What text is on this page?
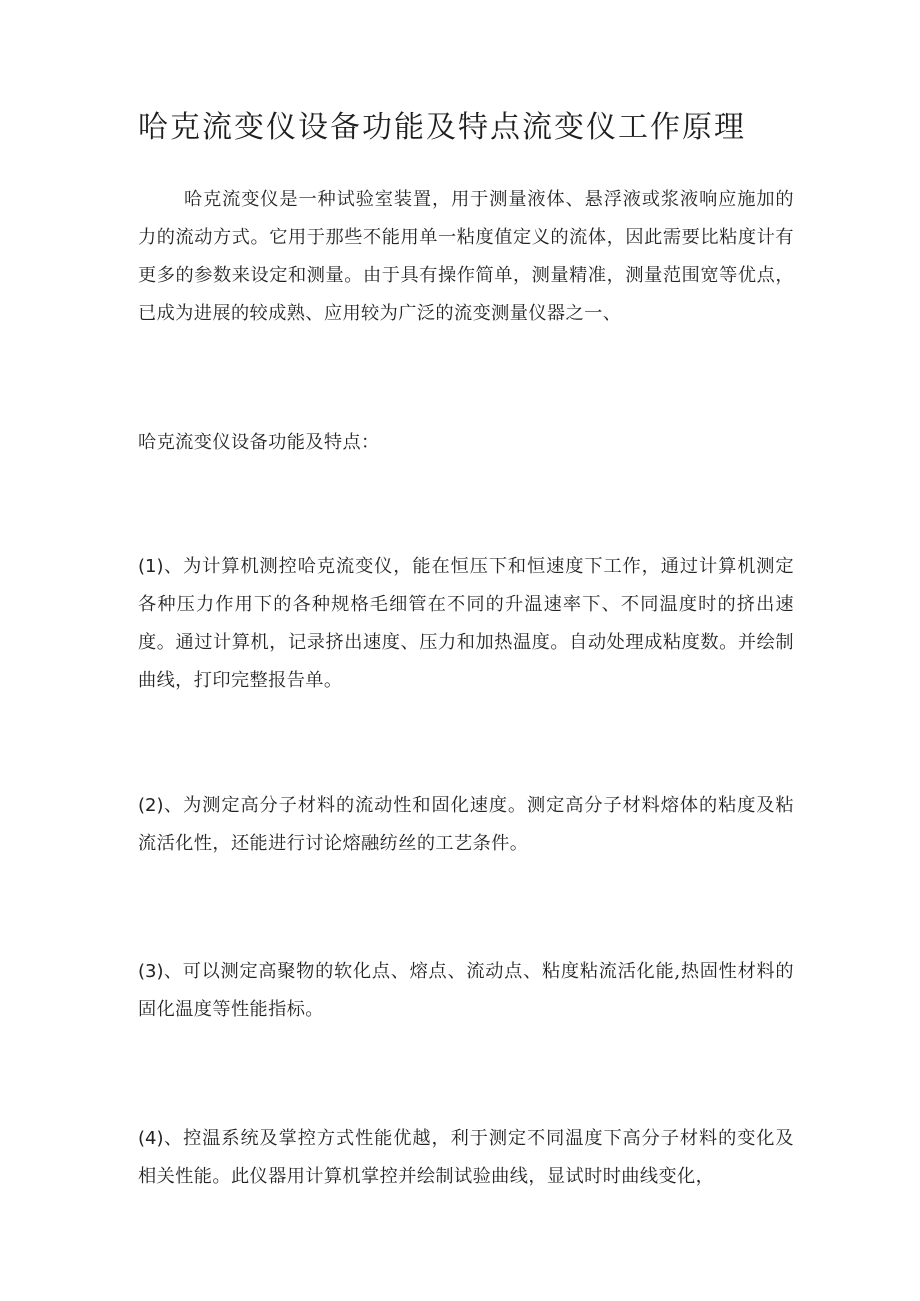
哈克流变仪设备功能及特点流变仪工作原理

哈克流变仪是一种试验室装置，用于测量液体、悬浮液或浆液响应施加的力的流动方式。它用于那些不能用单一粘度值定义的流体，因此需要比粘度计有更多的参数来设定和测量。由于具有操作简单，测量精准，测量范围宽等优点，已成为进展的较成熟、应用较为广泛的流变测量仪器之一、

哈克流变仪设备功能及特点：

(1)、为计算机测控哈克流变仪，能在恒压下和恒速度下工作，通过计算机测定各种压力作用下的各种规格毛细管在不同的升温速率下、不同温度时的挤出速度。通过计算机，记录挤出速度、压力和加热温度。自动处理成粘度数。并绘制曲线，打印完整报告单。

(2)、为测定高分子材料的流动性和固化速度。测定高分子材料熔体的粘度及粘流活化性，还能进行讨论熔融纺丝的工艺条件。

(3)、可以测定高聚物的软化点、熔点、流动点、粘度粘流活化能,热固性材料的固化温度等性能指标。

(4)、控温系统及掌控方式性能优越，利于测定不同温度下高分子材料的变化及相关性能。此仪器用计算机掌控并绘制试验曲线，显试时时曲线变化，
